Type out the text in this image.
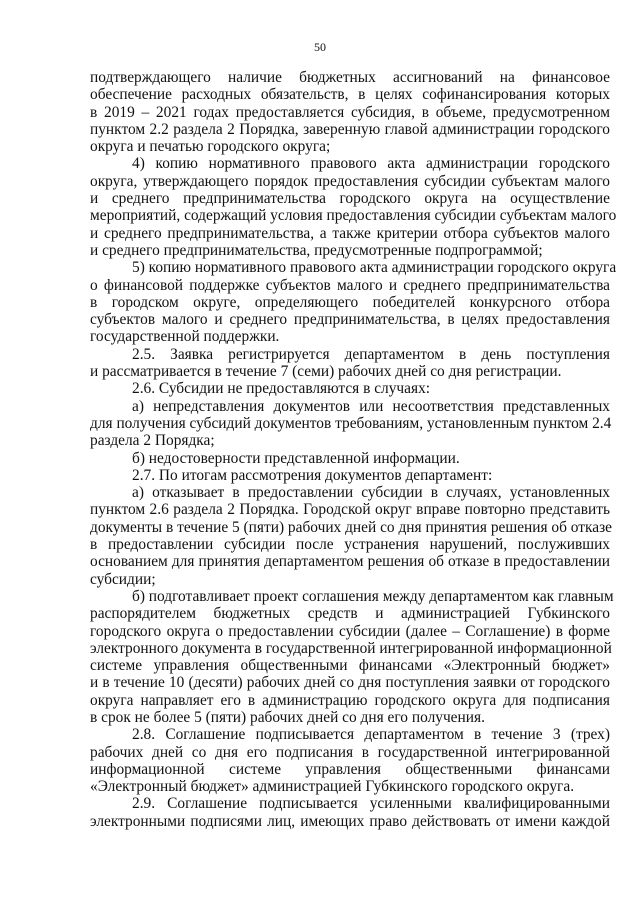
50
подтверждающего наличие бюджетных ассигнований на финансовое
обеспечение расходных обязательств, в целях софинансирования которых
в 2019 – 2021 годах предоставляется субсидия, в объеме, предусмотренном
пунктом 2.2 раздела 2 Порядка, заверенную главой администрации городского
округа и печатью городского округа;
4) копию нормативного правового акта администрации городского
округа, утверждающего порядок предоставления субсидии субъектам малого
и среднего предпринимательства городского округа на осуществление
мероприятий, содержащий условия предоставления субсидии субъектам малого
и среднего предпринимательства, а также критерии отбора субъектов малого
и среднего предпринимательства, предусмотренные подпрограммой;
5) копию нормативного правового акта администрации городского округа
о финансовой поддержке субъектов малого и среднего предпринимательства
в городском округе, определяющего победителей конкурсного отбора
субъектов малого и среднего предпринимательства, в целях предоставления
государственной поддержки.
2.5. Заявка регистрируется департаментом в день поступления
и рассматривается в течение 7 (семи) рабочих дней со дня регистрации.
2.6. Субсидии не предоставляются в случаях:
а) непредставления документов или несоответствия представленных
для получения субсидий документов требованиям, установленным пунктом 2.4
раздела 2 Порядка;
б) недостоверности представленной информации.
2.7. По итогам рассмотрения документов департамент:
а) отказывает в предоставлении субсидии в случаях, установленных
пунктом 2.6 раздела 2 Порядка. Городской округ вправе повторно представить
документы в течение 5 (пяти) рабочих дней со дня принятия решения об отказе
в предоставлении субсидии после устранения нарушений, послуживших
основанием для принятия департаментом решения об отказе в предоставлении
субсидии;
б) подготавливает проект соглашения между департаментом как главным
распорядителем бюджетных средств и администрацией Губкинского
городского округа о предоставлении субсидии (далее – Соглашение) в форме
электронного документа в государственной интегрированной информационной
системе управления общественными финансами «Электронный бюджет»
и в течение 10 (десяти) рабочих дней со дня поступления заявки от городского
округа направляет его в администрацию городского округа для подписания
в срок не более 5 (пяти) рабочих дней со дня его получения.
2.8. Соглашение подписывается департаментом в течение 3 (трех)
рабочих дней со дня его подписания в государственной интегрированной
информационной системе управления общественными финансами
«Электронный бюджет» администрацией Губкинского городского округа.
2.9. Соглашение подписывается усиленными квалифицированными
электронными подписями лиц, имеющих право действовать от имени каждой
